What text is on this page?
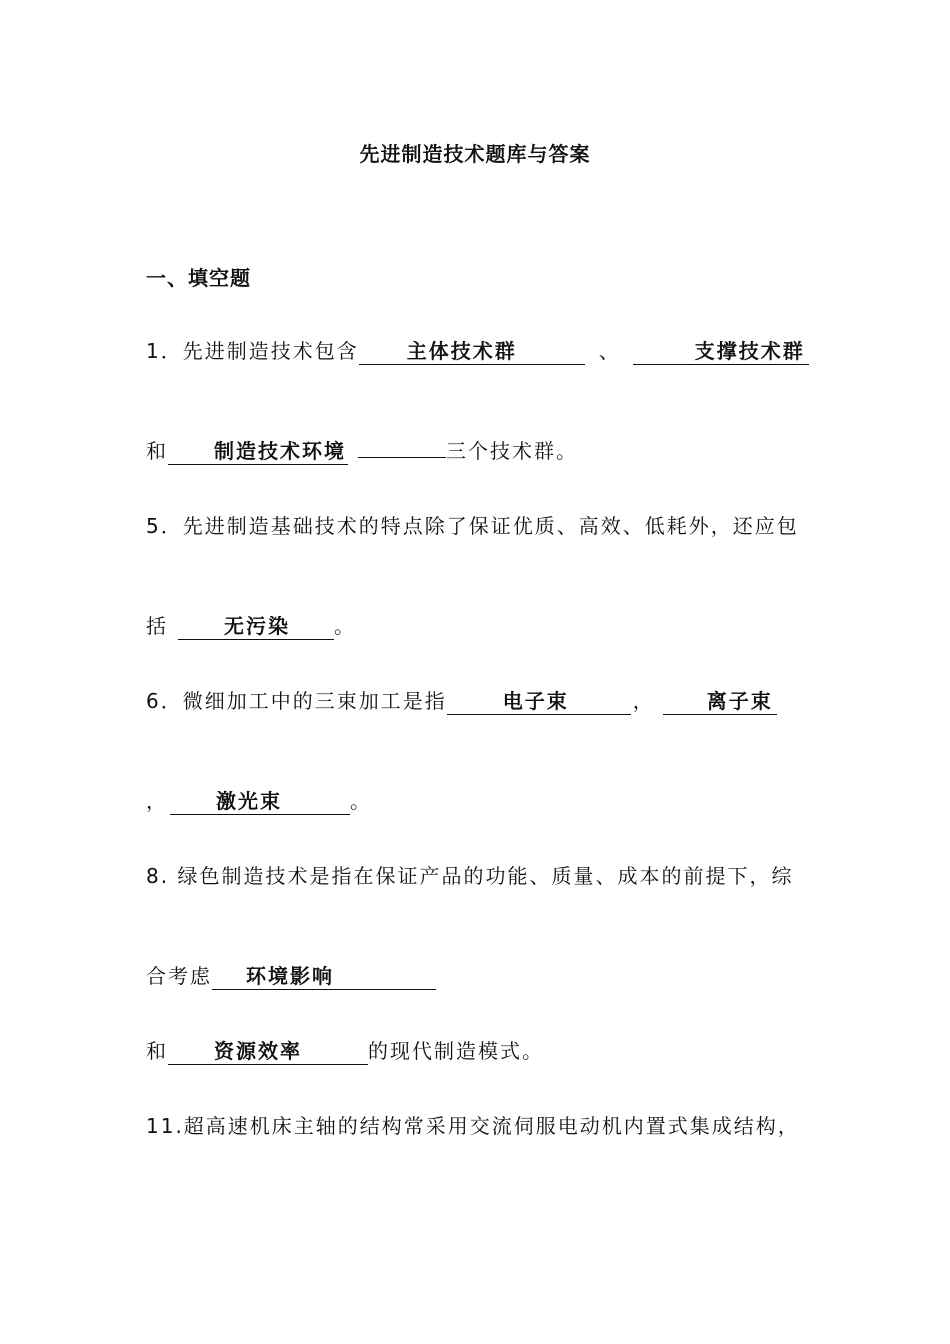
先进制造技术题库与答案
一、填空题
1．先进制造技术包含 主体技术群	、	支撑技术群
和 制造技术环境	三个技术群。
5．先进制造基础技术的特点除了保证优质、高效、低耗外，还应包
括	无污染 。
6．微细加工中的三束加工是指	电子束	，	离子束
， 激光束	。
8. 绿色制造技术是指在保证产品的功能、质量、成本的前提下，综
合考虑 环境影响
和 资源效率	的现代制造模式。
11.超高速机床主轴的结构常采用交流伺服电动机内置式集成结构，
